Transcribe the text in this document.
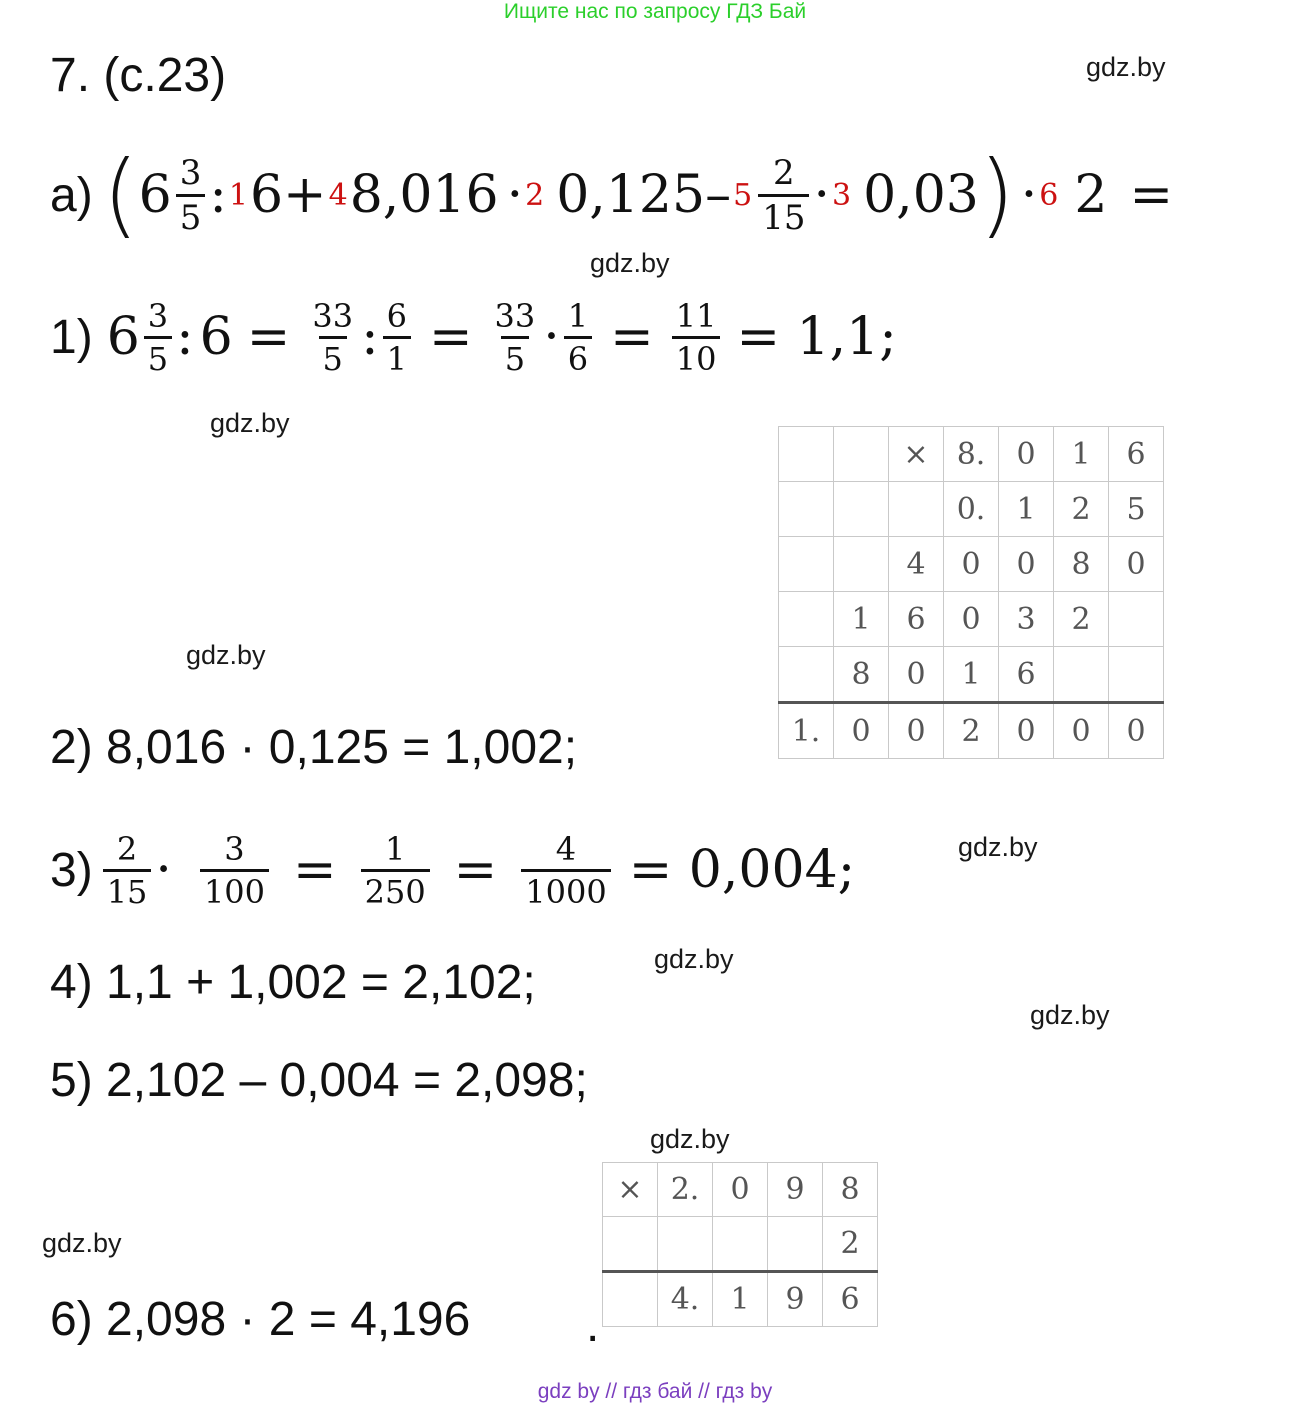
Ищите нас по запросу ГДЗ Бай
7. (с.23)	gdz.by
gdz.by
gdz.by
gdz.by
gdz.by
gdz.by
gdz.by
gdz.by
gdz.by
а) ( $6 \frac{3}{5}$ : 1 6 + 4 8,016 · 2 $0,125 - 5 \frac{2}{15} \cdot 3$ 0,03 ) · 6 2 =
1) $6 \frac{3}{5}$ : $6 = \frac{33}{5}$ : $\frac{6}{1} = \frac{33}{5} \cdot \frac{1}{6} = \frac{11}{10} = 1,1$;
		×	8.	0	1	6
			0.	1	2	5
		4	0	0	8	0
	1	6	0	3	2	
	8	0	1	6		
1.	0	0	2	0	0	0
2) 8,016 · 0,125 = 1,002;
$3) \frac{2}{15} \cdot \frac{3}{100} = \frac{1}{250} = \frac{4}{1000} = 0,004$;
4) 1,1 + 1,002 = 2,102;
5) 2,102 – 0,004 = 2,098;
×	2.	0	9	8
				2
	4.	1	9	6
6) 2,098 · 2 = 4,196 .
gdz by // гдз бай // гдз by
